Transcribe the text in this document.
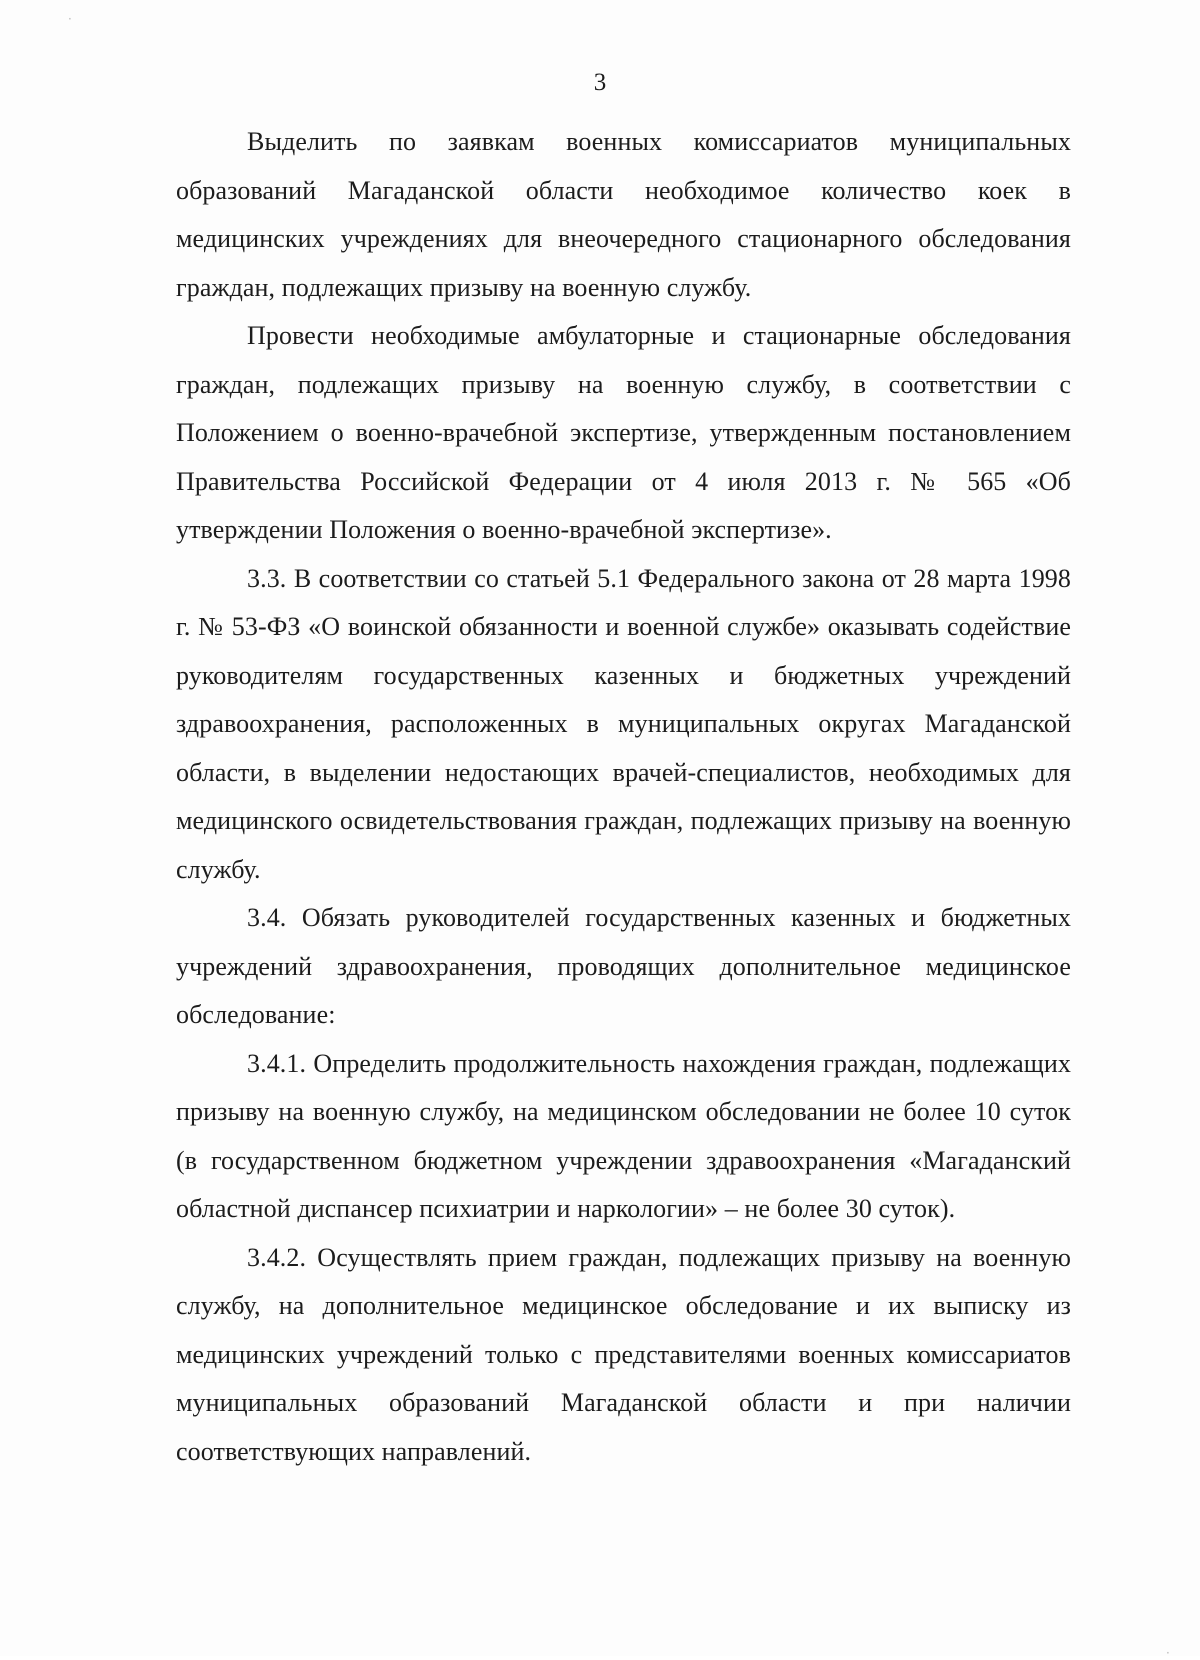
·
3

Выделить по заявкам военных комиссариатов муниципальных образований Магаданской области необходимое количество коек в медицинских учреждениях для внеочередного стационарного обследования граждан, подлежащих призыву на военную службу.

Провести необходимые амбулаторные и стационарные обследования граждан, подлежащих призыву на военную службу, в соответствии с Положением о военно-врачебной экспертизе, утвержденным постановлением Правительства Российской Федерации от 4 июля 2013 г. № 565 «Об утверждении Положения о военно-врачебной экспертизе».

3.3. В соответствии со статьей 5.1 Федерального закона от 28 марта 1998 г. № 53-ФЗ «О воинской обязанности и военной службе» оказывать содействие руководителям государственных казенных и бюджетных учреждений здравоохранения, расположенных в муниципальных округах Магаданской области, в выделении недостающих врачей-специалистов, необходимых для медицинского освидетельствования граждан, подлежащих призыву на военную службу.

3.4. Обязать руководителей государственных казенных и бюджетных учреждений здравоохранения, проводящих дополнительное медицинское обследование:

3.4.1. Определить продолжительность нахождения граждан, подлежащих призыву на военную службу, на медицинском обследовании не более 10 суток (в государственном бюджетном учреждении здравоохранения «Магаданский областной диспансер психиатрии и наркологии» – не более 30 суток).

3.4.2. Осуществлять прием граждан, подлежащих призыву на военную службу, на дополнительное медицинское обследование и их выписку из медицинских учреждений только с представителями военных комиссариатов муниципальных образований Магаданской области и при наличии соответствующих направлений.

·
